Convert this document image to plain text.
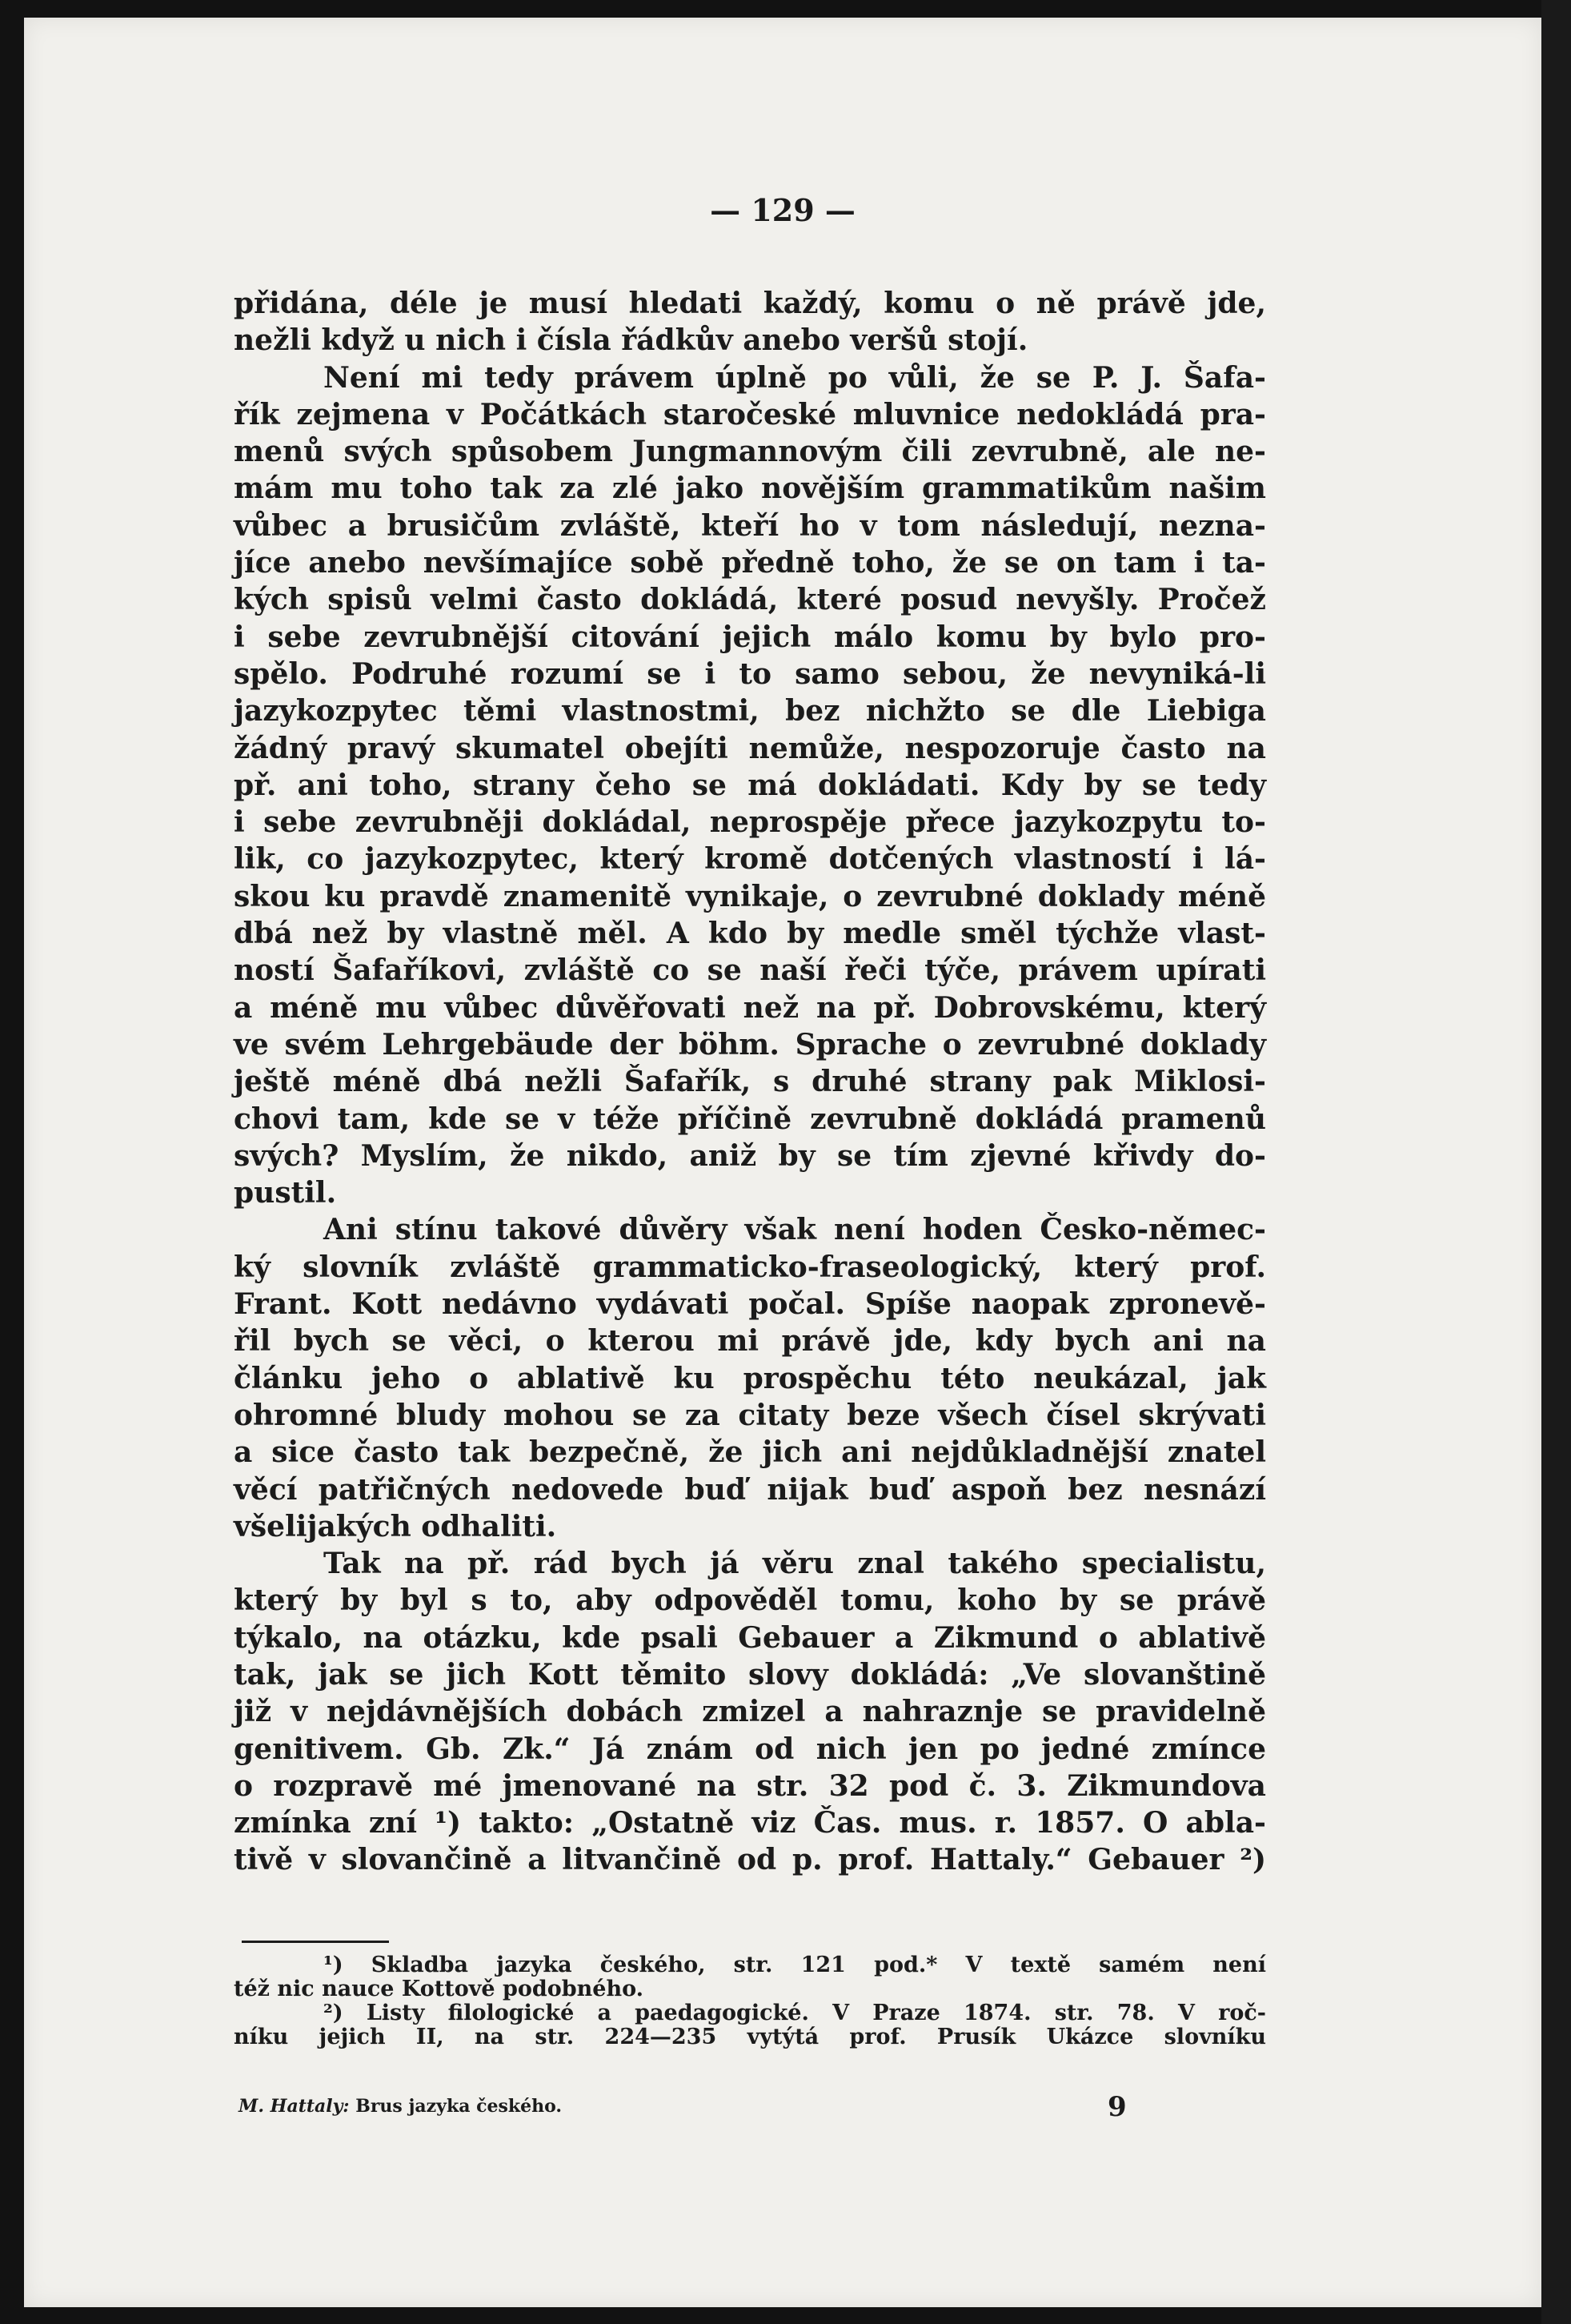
— 129 —
přidána, déle je musí hledati každý, komu o ně právě jde,
nežli když u nich i čísla řádkův anebo veršů stojí.
Není mi tedy právem úplně po vůli, že se P. J. Šafa-
řík zejmena v Počátkách staročeské mluvnice nedokládá pra-
menů svých spůsobem Jungmannovým čili zevrubně, ale ne-
mám mu toho tak za zlé jako novějším grammatikům našim
vůbec a brusičům zvláště, kteří ho v tom následují, nezna-
jíce anebo nevšímajíce sobě předně toho, že se on tam i ta-
kých spisů velmi často dokládá, které posud nevyšly. Pročež
i sebe zevrubnější citování jejich málo komu by bylo pro-
spělo. Podruhé rozumí se i to samo sebou, že nevyniká-li
jazykozpytec těmi vlastnostmi, bez nichžto se dle Liebiga
žádný pravý skumatel obejíti nemůže, nespozoruje často na
př. ani toho, strany čeho se má dokládati. Kdy by se tedy
i sebe zevrubněji dokládal, neprospěje přece jazykozpytu to-
lik, co jazykozpytec, který kromě dotčených vlastností i lá-
skou ku pravdě znamenitě vynikaje, o zevrubné doklady méně
dbá než by vlastně měl. A kdo by medle směl týchže vlast-
ností Šafaříkovi, zvláště co se naší řeči týče, právem upírati
a méně mu vůbec důvěřovati než na př. Dobrovskému, který
ve svém Lehrgebäude der böhm. Sprache o zevrubné doklady
ještě méně dbá nežli Šafařík, s druhé strany pak Miklosi-
chovi tam, kde se v téže příčině zevrubně dokládá pramenů
svých? Myslím, že nikdo, aniž by se tím zjevné křivdy do-
pustil.
Ani stínu takové důvěry však není hoden Česko-němec-
ký slovník zvláště grammaticko-fraseologický, který prof.
Frant. Kott nedávno vydávati počal. Spíše naopak zpronevě-
řil bych se věci, o kterou mi právě jde, kdy bych ani na
článku jeho o ablativě ku prospěchu této neukázal, jak
ohromné bludy mohou se za citaty beze všech čísel skrývati
a sice často tak bezpečně, že jich ani nejdůkladnější znatel
věcí patřičných nedovede buď nijak buď aspoň bez nesnází
všelijakých odhaliti.
Tak na př. rád bych já věru znal takého specialistu,
který by byl s to, aby odpověděl tomu, koho by se právě
týkalo, na otázku, kde psali Gebauer a Zikmund o ablativě
tak, jak se jich Kott těmito slovy dokládá: „Ve slovanštině
již v nejdávnějších dobách zmizel a nahraznje se pravidelně
genitivem. Gb. Zk.“ Já znám od nich jen po jedné zmínce
o rozpravě mé jmenované na str. 32 pod č. 3. Zikmundova
zmínka zní ¹) takto: „Ostatně viz Čas. mus. r. 1857. O abla-
tivě v slovančině a litvančině od p. prof. Hattaly.“ Gebauer ²)
¹) Skladba jazyka českého, str. 121 pod.* V textě samém není
též nic nauce Kottově podobného.
²) Listy filologické a paedagogické. V Praze 1874. str. 78. V roč-
níku jejich II, na str. 224—235 vytýtá prof. Prusík Ukázce slovníku
M. Hattaly: Brus jazyka českého.	9
